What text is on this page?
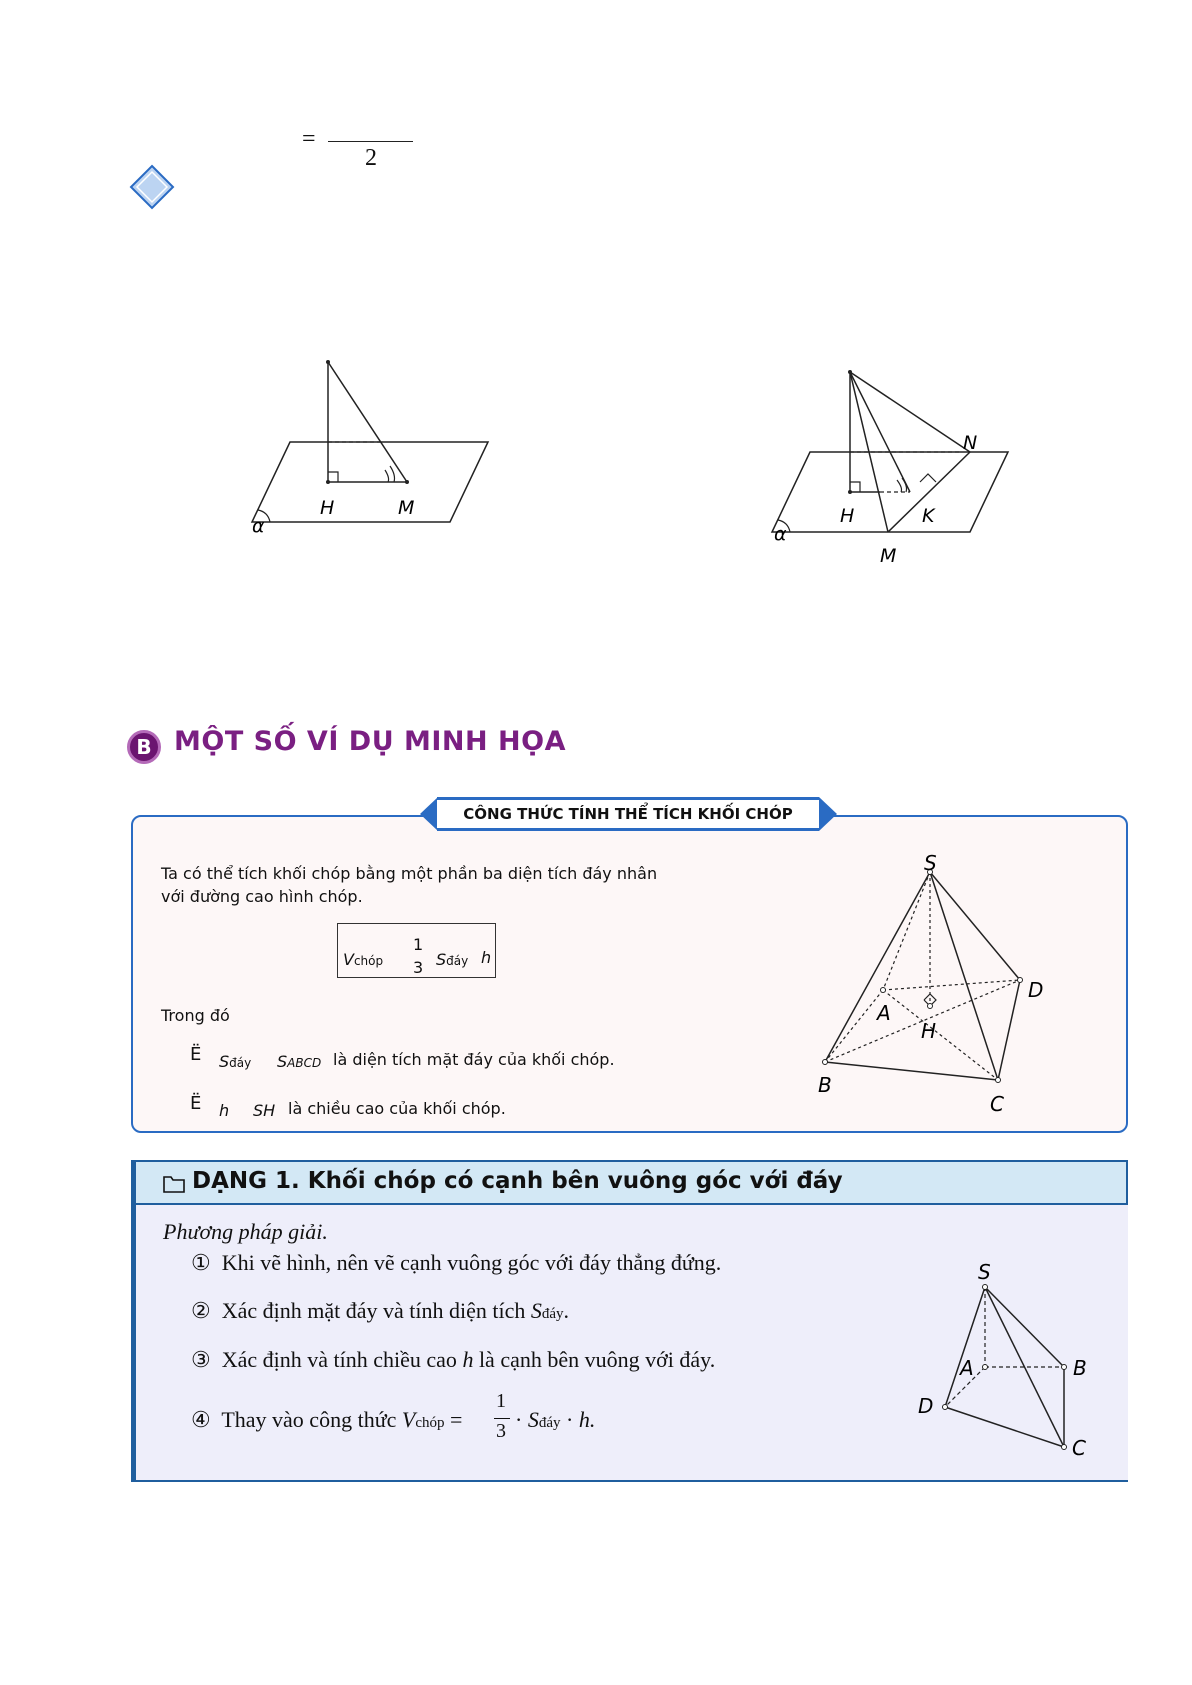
=
2
H	M
α
N
H	K
M
α
B MỘT SỐ VÍ DỤ MINH HỌA
CÔNG THỨC TÍNH THỂ TÍCH KHỐI CHÓP
Ta có thể tích khối chóp bằng một phần ba diện tích đáy nhân
với đường cao hình chóp.
Vchóp
1
3 Sđáy h
Trong đó
Ë Sđáy SABCD là diện tích mặt đáy của khối chóp.
Ë h SH là chiều cao của khối chóp.
S
D
A
H
B
C
DẠNG 1. Khối chóp có cạnh bên vuông góc với đáy
Phương pháp giải.
① Khi vẽ hình, nên vẽ cạnh vuông góc với đáy thẳng đứng.
② Xác định mặt đáy và tính diện tích Sđáy.
③ Xác định và tính chiều cao h là cạnh bên vuông với đáy.
④ Thay vào công thức Vchóp =
1
3 · Sđáy · h.
S
A	B
D
C
